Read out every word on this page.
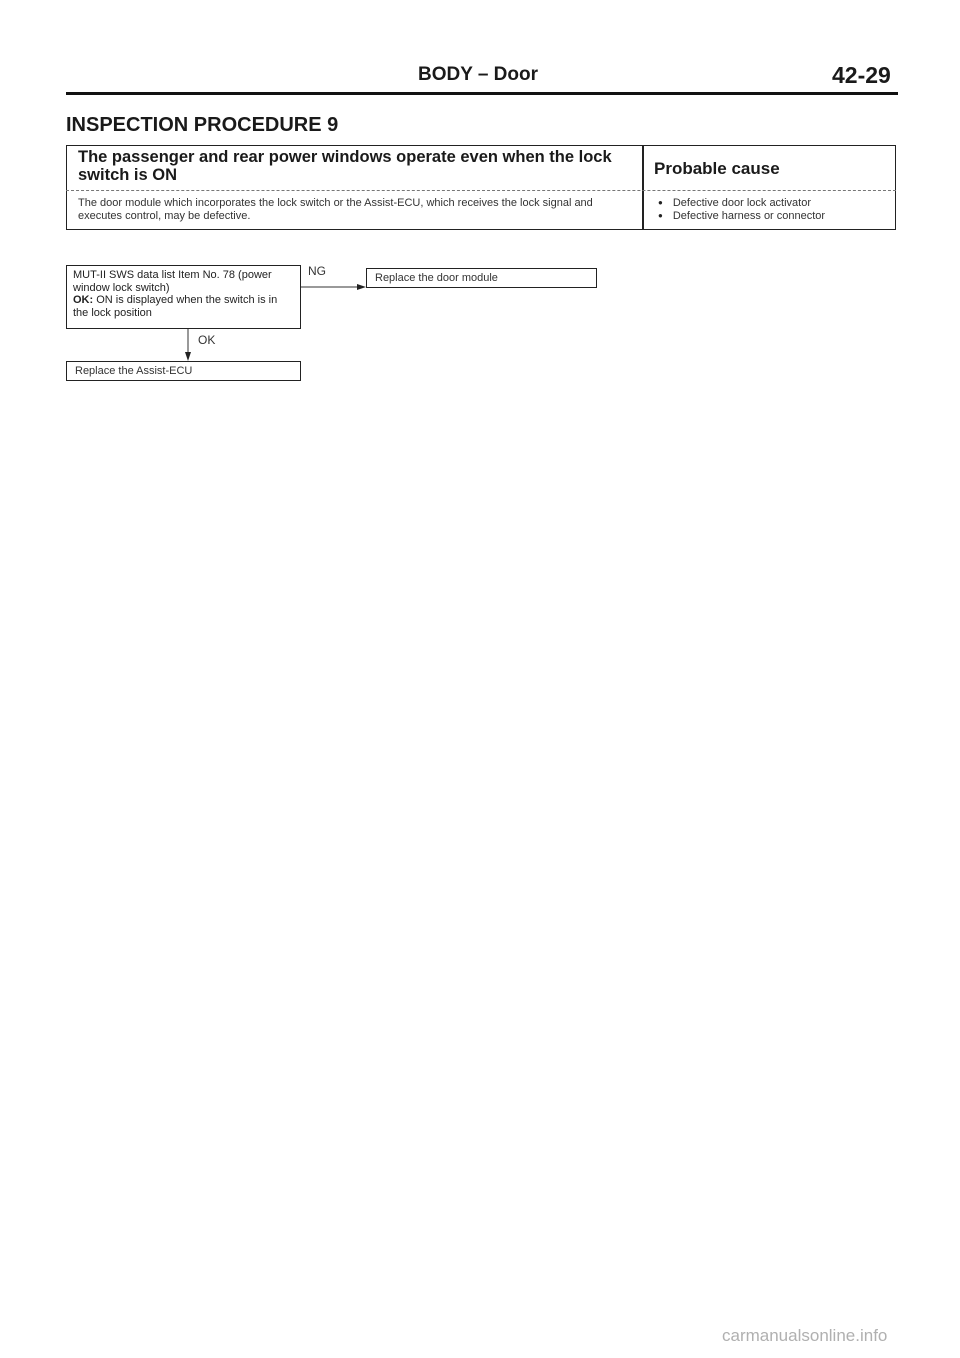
BODY – Door	42-29
INSPECTION PROCEDURE 9
The passenger and rear power windows operate even when the lock switch is ON	Probable cause
The door module which incorporates the lock switch or the Assist-ECU, which receives the lock signal and executes control, may be defective.
● Defective door lock activator
● Defective harness or connector
MUT-II SWS data list Item No. 78 (power window lock switch)
OK: ON is displayed when the switch is in the lock position
NG	Replace the door module
OK
Replace the Assist-ECU
carmanualsonline.info
